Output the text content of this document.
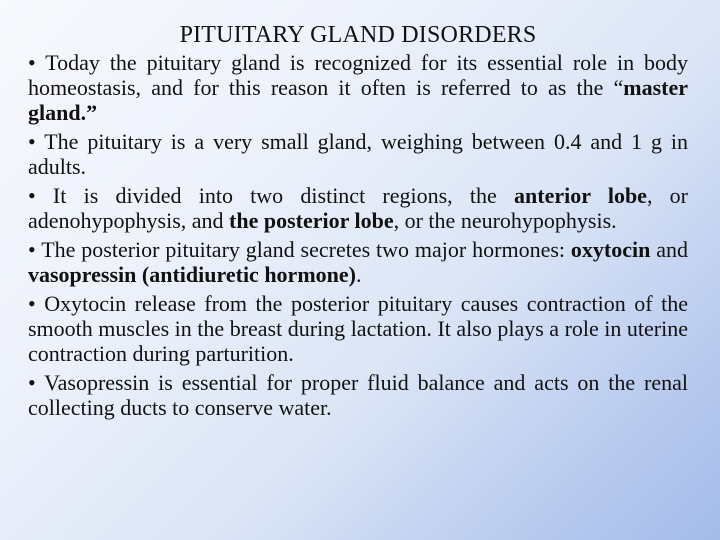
PITUITARY GLAND DISORDERS

• Today the pituitary gland is recognized for its essential role in body homeostasis, and for this reason it often is referred to as the “master gland.”

• The pituitary is a very small gland, weighing between 0.4 and 1 g in adults.

• It is divided into two distinct regions, the anterior lobe, or adenohypophysis, and the posterior lobe, or the neurohypophysis.

• The posterior pituitary gland secretes two major hormones: oxytocin and vasopressin (antidiuretic hormone).

• Oxytocin release from the posterior pituitary causes contraction of the smooth muscles in the breast during lactation. It also plays a role in uterine contraction during parturition.

• Vasopressin is essential for proper fluid balance and acts on the renal collecting ducts to conserve water.
